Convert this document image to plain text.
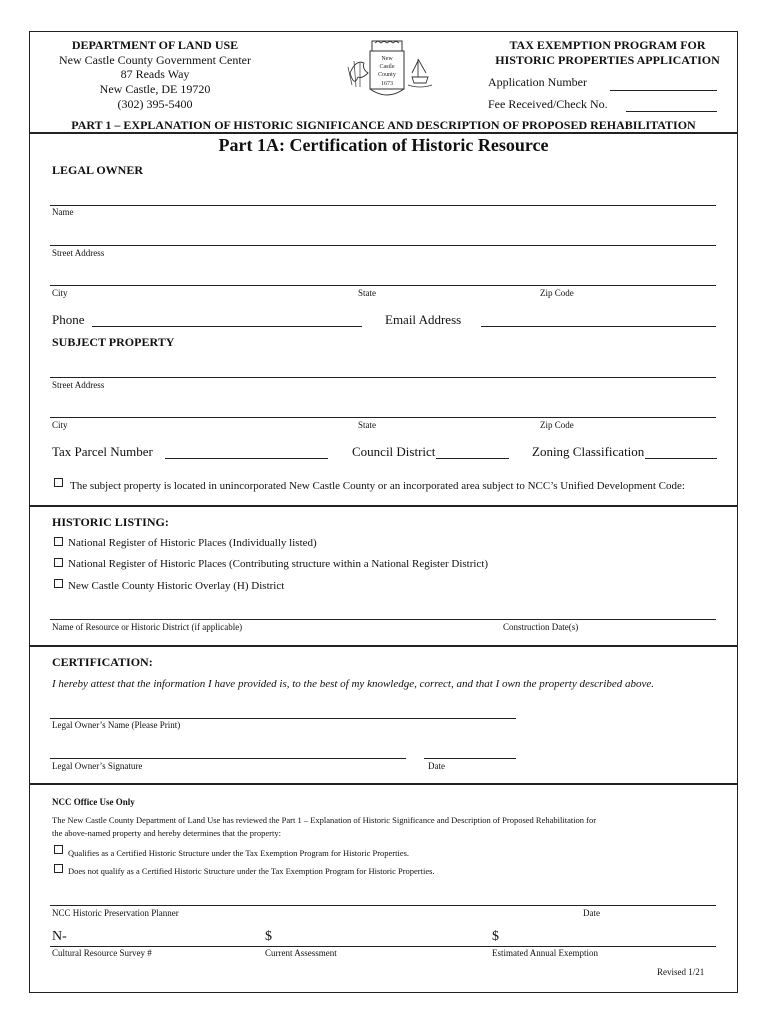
DEPARTMENT OF LAND USE
New Castle County Government Center
87 Reads Way
New Castle, DE 19720
(302) 395-5400
New
Castle
County
1673
TAX EXEMPTION PROGRAM FOR
HISTORIC PROPERTIES APPLICATION
Application Number
Fee Received/Check No.
PART 1 – EXPLANATION OF HISTORIC SIGNIFICANCE AND DESCRIPTION OF PROPOSED REHABILITATION
Part 1A: Certification of Historic Resource
LEGAL OWNER
Name
Street Address
City	State	Zip Code
Phone	Email Address
SUBJECT PROPERTY
Street Address
City	State	Zip Code
Tax Parcel Number	Council District	Zoning Classification
The subject property is located in unincorporated New Castle County or an incorporated area subject to NCC’s Unified Development Code:
HISTORIC LISTING:
National Register of Historic Places (Individually listed)
National Register of Historic Places (Contributing structure within a National Register District)
New Castle County Historic Overlay (H) District
Name of Resource or Historic District (if applicable)	Construction Date(s)
CERTIFICATION:
I hereby attest that the information I have provided is, to the best of my knowledge, correct, and that I own the property described above.
Legal Owner’s Name (Please Print)
Legal Owner’s Signature	Date
NCC Office Use Only
The New Castle County Department of Land Use has reviewed the Part 1 – Explanation of Historic Significance and Description of Proposed Rehabilitation for
the above-named property and hereby determines that the property:
Qualifies as a Certified Historic Structure under the Tax Exemption Program for Historic Properties.
Does not qualify as a Certified Historic Structure under the Tax Exemption Program for Historic Properties.
NCC Historic Preservation Planner	Date
N-	$	$
Cultural Resource Survey #	Current Assessment	Estimated Annual Exemption
Revised 1/21
